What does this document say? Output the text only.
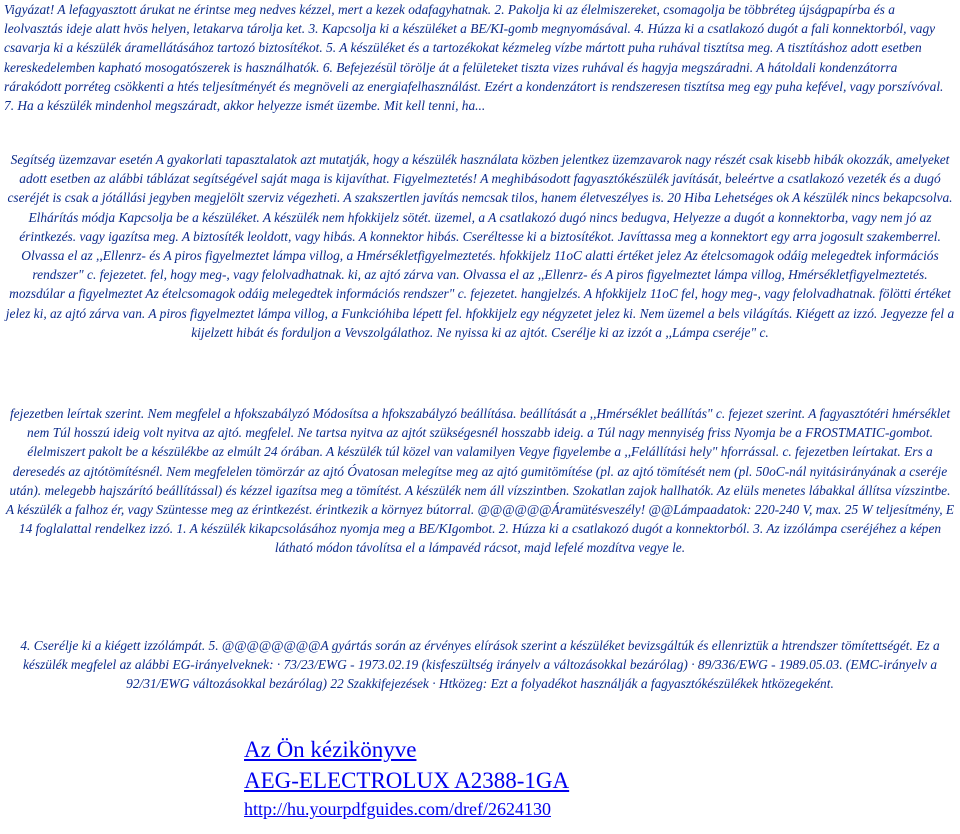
Vigyázat! A lefagyasztott árukat ne érintse meg nedves kézzel, mert a kezek odafagyhatnak. 2. Pakolja ki az élelmiszereket, csomagolja be többréteg újságpapírba és a leolvasztás ideje alatt hvös helyen, letakarva tárolja ket. 3. Kapcsolja ki a készüléket a BE/KI-gomb megnyomásával. 4. Húzza ki a csatlakozó dugót a fali konnektorból, vagy csavarja ki a készülék áramellátásához tartozó biztosítékot. 5. A készüléket és a tartozékokat kézmeleg vízbe mártott puha ruhával tisztítsa meg. A tisztításhoz adott esetben kereskedelemben kapható mosogatószerek is használhatók. 6. Befejezésül törölje át a felületeket tiszta vizes ruhával és hagyja megszáradni. A hátoldali kondenzátorra rárakódott porréteg csökkenti a htés teljesítményét és megnöveli az energiafelhasználást. Ezért a kondenzátort is rendszeresen tisztítsa meg egy puha kefével, vagy porszívóval. 7. Ha a készülék mindenhol megszáradt, akkor helyezze ismét üzembe. Mit kell tenni, ha...

Segítség üzemzavar esetén A gyakorlati tapasztalatok azt mutatják, hogy a készülék használata közben jelentkez üzemzavarok nagy részét csak kisebb hibák okozzák, amelyeket adott esetben az alábbi táblázat segítségével saját maga is kijavíthat. Figyelmeztetés! A meghibásodott fagyasztókészülék javítását, beleértve a csatlakozó vezeték és a dugó cseréjét is csak a jótállási jegyben megjelölt szerviz végezheti. A szakszertlen javítás nemcsak tilos, hanem életveszélyes is. 20 Hiba Lehetséges ok A készülék nincs bekapcsolva. Elhárítás módja Kapcsolja be a készüléket. A készülék nem hfokkijelz sötét. üzemel, a A csatlakozó dugó nincs bedugva, Helyezze a dugót a konnektorba, vagy nem jó az érintkezés. vagy igazítsa meg. A biztosíték leoldott, vagy hibás. A konnektor hibás. Cseréltesse ki a biztosítékot. Javíttassa meg a konnektort egy arra jogosult szakemberrel. Olvassa el az ,,Ellenrz- és A piros figyelmeztet lámpa villog, a Hmérsékletfigyelmeztetés. hfokkijelz 11oC alatti értéket jelez Az ételcsomagok odáig melegedtek információs rendszer" c. fejezetet. fel, hogy meg-, vagy felolvadhatnak. ki, az ajtó zárva van. Olvassa el az ,,Ellenrz- és A piros figyelmeztet lámpa villog, Hmérsékletfigyelmeztetés. mozsdúlar a figyelmeztet Az ételcsomagok odáig melegedtek információs rendszer" c. fejezetet. hangjelzés. A hfokkijelz 11oC fel, hogy meg-, vagy felolvadhatnak. fölötti értéket jelez ki, az ajtó zárva van. A piros figyelmeztet lámpa villog, a Funkcióhiba lépett fel. hfokkijelz egy négyzetet jelez ki. Nem üzemel a bels világítás. Kiégett az izzó. Jegyezze fel a kijelzett hibát és forduljon a Vevszolgálathoz. Ne nyissa ki az ajtót. Cserélje ki az izzót a ,,Lámpa cseréje" c.

fejezetben leírtak szerint. Nem megfelel a hfokszabályzó Módosítsa a hfokszabályzó beállítása. beállítását a ,,Hmérséklet beállítás" c. fejezet szerint. A fagyasztótéri hmérséklet nem Túl hosszú ideig volt nyitva az ajtó. megfelel. Ne tartsa nyitva az ajtót szükségesnél hosszabb ideig. a Túl nagy mennyiség friss Nyomja be a FROSTMATIC-gombot. élelmiszert pakolt be a készülékbe az elmúlt 24 órában. A készülék túl közel van valamilyen Vegye figyelembe a ,,Felállítási hely" hforrással. c. fejezetben leírtakat. Ers a deresedés az ajtótömítésnél. Nem megfelelen tömörzár az ajtó Óvatosan melegítse meg az ajtó gumitömítése (pl. az ajtó tömítését nem (pl. 50oC-nál nyitásirányának a cseréje után). melegebb hajszárító beállítással) és kézzel igazítsa meg a tömítést. A készülék nem áll vízszintben. Szokatlan zajok hallhatók. Az elüls menetes lábakkal állítsa vízszintbe. A készülék a falhoz ér, vagy Szüntesse meg az érintkezést. érintkezik a környez bútorral. @@@@@@Áramütésveszély! @@Lámpaadatok: 220-240 V, max. 25 W teljesítmény, E 14 foglalattal rendelkez izzó. 1. A készülék kikapcsolásához nyomja meg a BE/KIgombot. 2. Húzza ki a csatlakozó dugót a konnektorból. 3. Az izzólámpa cseréjéhez a képen látható módon távolítsa el a lámpavéd rácsot, majd lefelé mozdítva vegye le.

4. Cserélje ki a kiégett izzólámpát. 5. @@@@@@@@A gyártás során az érvényes elírások szerint a készüléket bevizsgáltúk és ellenriztük a htrendszer tömítettségét. Ez a készülék megfelel az alábbi EG-irányelveknek: · 73/23/EWG - 1973.02.19 (kisfeszültség irányelv a változásokkal bezárólag) · 89/336/EWG - 1989.05.03. (EMC-irányelv a 92/31/EWG változásokkal bezárólag) 22 Szakkifejezések · Htközeg: Ezt a folyadékot használják a fagyasztókészülékek htközegeként.

Az Ön kézikönyve
AEG-ELECTROLUX A2388-1GA
http://hu.yourpdfguides.com/dref/2624130
